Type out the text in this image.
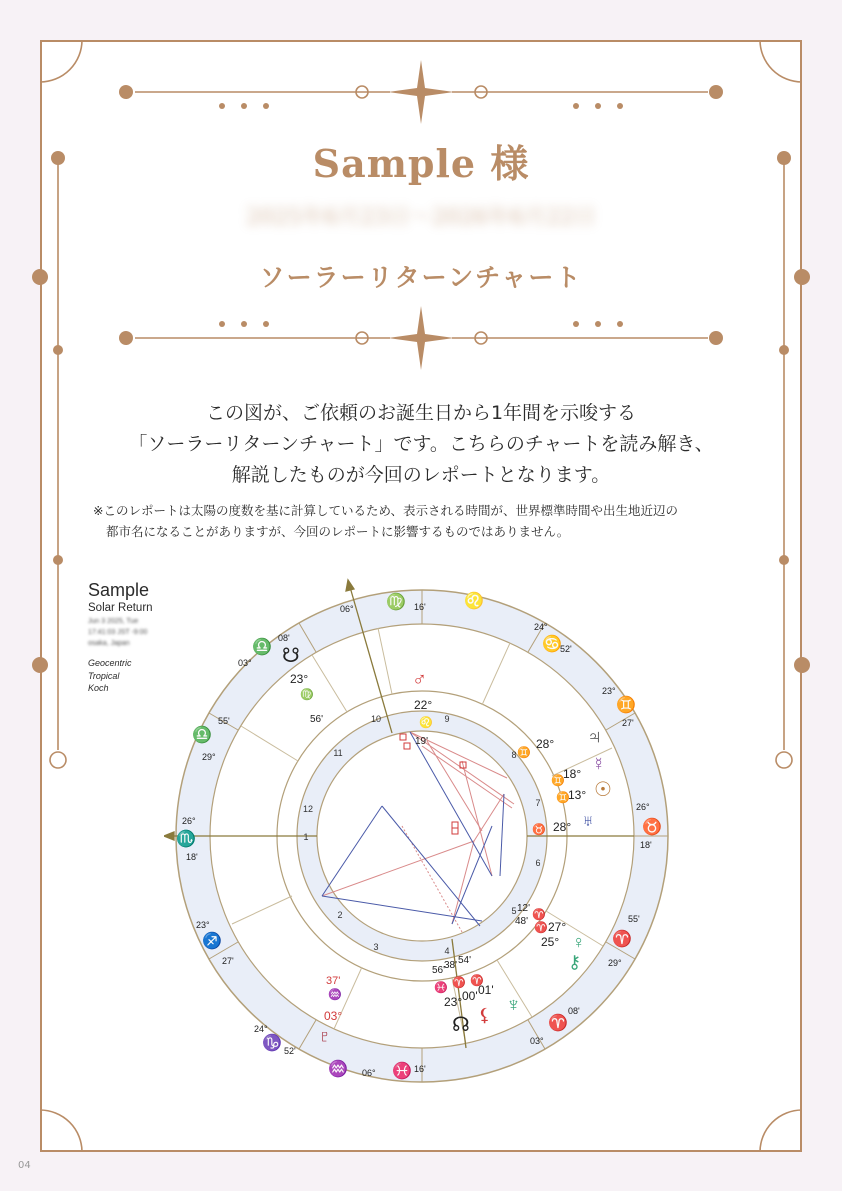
Sample 様
2025年6月23日～2026年6月22日
ソーラーリターンチャート
この図が、ご依頼のお誕生日から1年間を示唆する
「ソーラーリターンチャート」です。こちらのチャートを読み解き、
解説したものが今回のレポートとなります。
※このレポートは太陽の度数を基に計算しているため、表示される時間が、世界標準時間や出生地近辺の
都市名になることがありますが、今回のレポートに影響するものではありません。
Sample
Solar Return
Jun 3 2025, Tue
17:41:03 JST -9:00
osaka, Japan
Geocentric
Tropical
Koch
1
2
3	4
5
6
7
8
9
10
11
12
♃
28°
♊
☿
18°
♊ ☉
13°
♊
♅
28°
♉
♂
22°
♌
19'
☋
23°
♍
56'
♀
⚷
27°
25°
♈
♈
48'
12'
♆
⚸
☊
23° 00' 01'
♓ ♈ ♈
56'
38' 54'
37'
♒
03°
♇
06° ♍ 16' ♌
24°
♋
52'
08'
♎
03°
55'
♎
29°
26°
♏
18'
23°
♐
27'
24°
♑ 52'
06° ♓ 16'
♒
23°
♊
27'
26°
♉
18'
55'
♈
29°
08'
♈
03°
04
